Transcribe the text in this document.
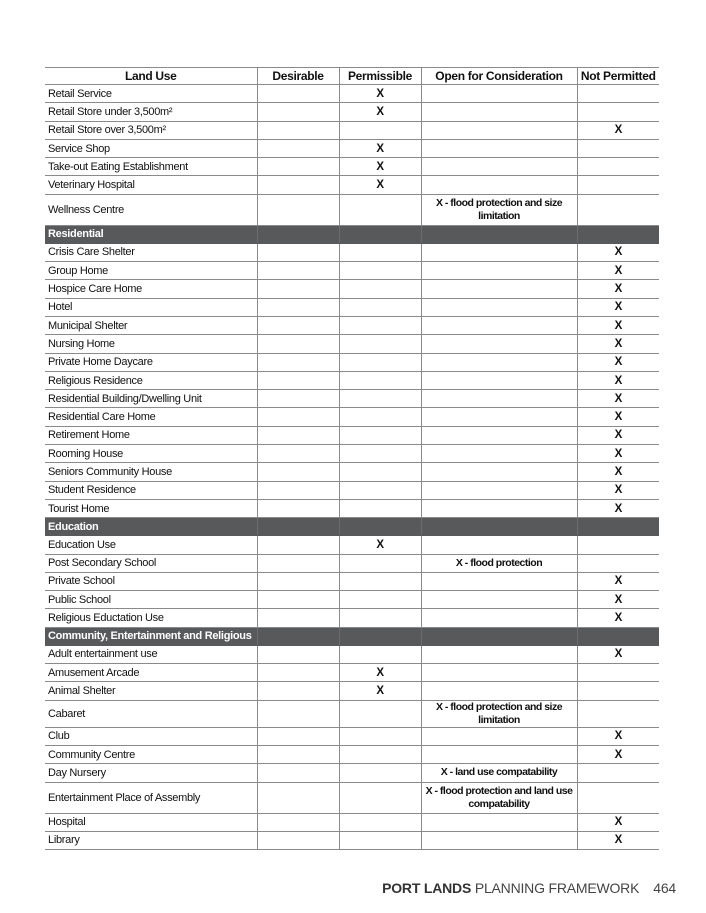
Land Use	Desirable	Permissible	Open for Consideration	Not Permitted
Retail Service		X		
Retail Store under 3,500m²		X		
Retail Store over 3,500m²				X
Service Shop		X		
Take-out Eating Establishment		X		
Veterinary Hospital		X		
Wellness Centre			X - flood protection and size limitation	
Residential				
Crisis Care Shelter				X
Group Home				X
Hospice Care Home				X
Hotel				X
Municipal Shelter				X
Nursing Home				X
Private Home Daycare				X
Religious Residence				X
Residential Building/Dwelling Unit				X
Residential Care Home				X
Retirement Home				X
Rooming House				X
Seniors Community House				X
Student Residence				X
Tourist Home				X
Education				
Education Use		X		
Post Secondary School			X - flood protection	
Private School				X
Public School				X
Religious Eductation Use				X
Community, Entertainment and Religious				
Adult entertainment use				X
Amusement Arcade		X		
Animal Shelter		X		
Cabaret			X - flood protection and size limitation	
Club				X
Community Centre				X
Day Nursery			X - land use compatability	
Entertainment Place of Assembly			X - flood protection and land use compatability	
Hospital				X
Library				X
PORT LANDS PLANNING FRAMEWORK 464
